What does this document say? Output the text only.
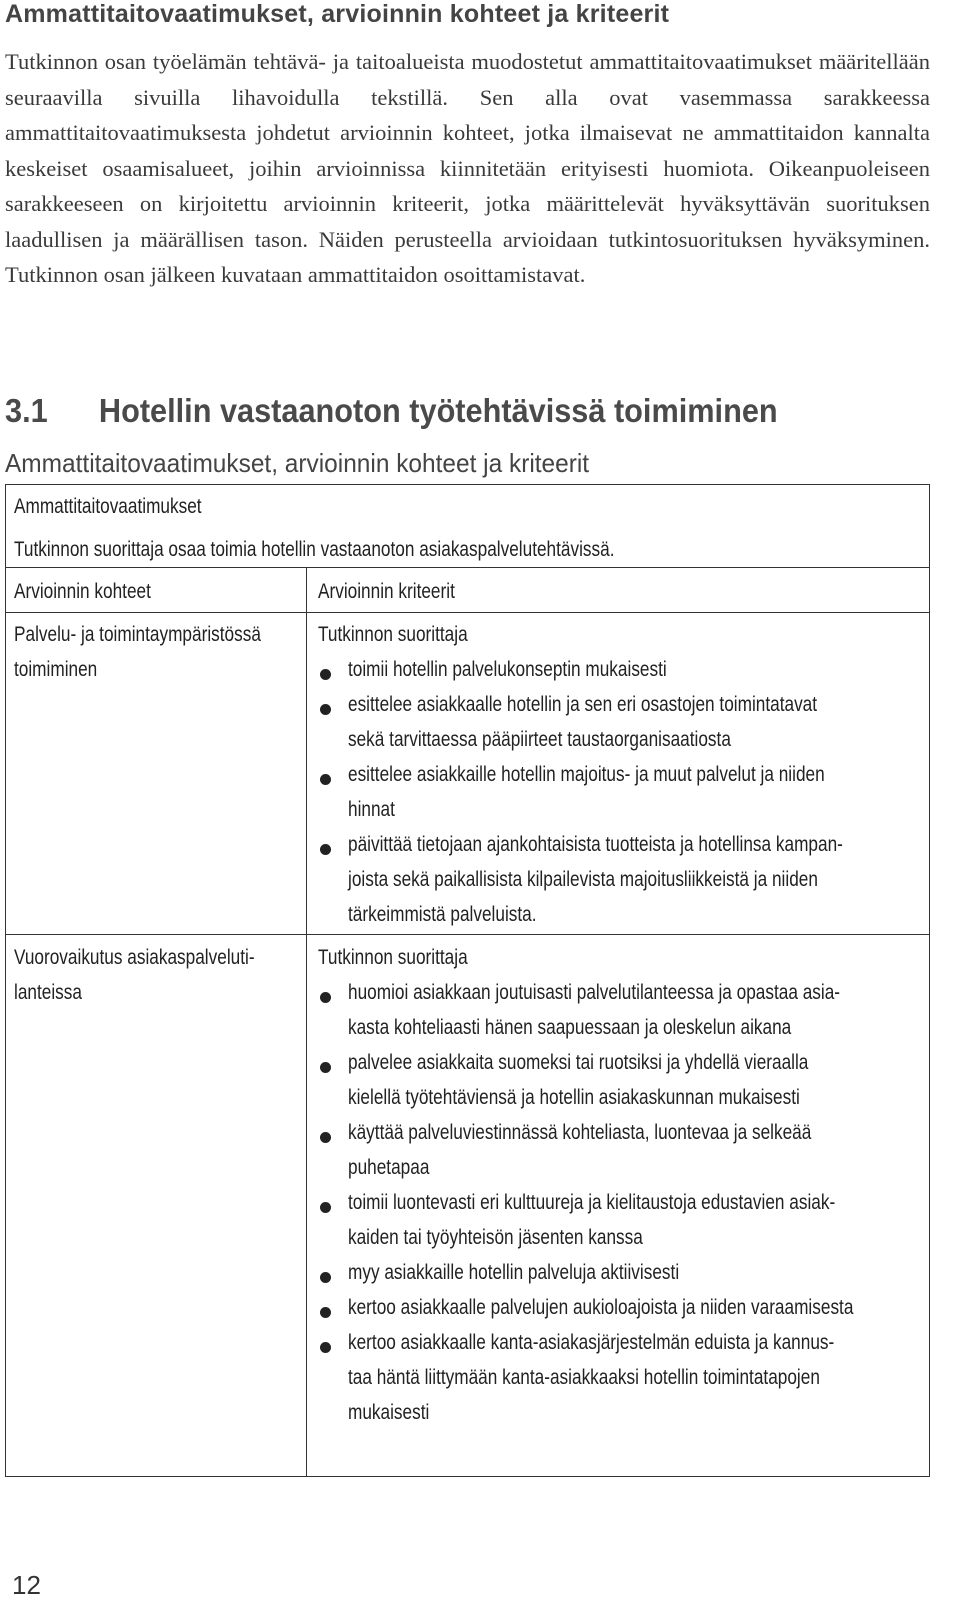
Ammattitaitovaatimukset, arvioinnin kohteet ja kriteerit

Tutkinnon osan työelämän tehtävä- ja taitoalueista muodostetut ammattitaitovaatimukset määritellään seuraavilla sivuilla lihavoidulla tekstillä. Sen alla ovat vasemmassa sarakkeessa ammattitaitovaatimuksesta johdetut arvioinnin kohteet, jotka ilmaisevat ne ammattitaidon kannalta keskeiset osaamisalueet, joihin arvioinnissa kiinnitetään erityisesti huomiota. Oikeanpuoleiseen sarakkeeseen on kirjoitettu arvioinnin kriteerit, jotka määrittelevät hyväksyttävän suorituksen laadullisen ja määrällisen tason. Näiden perusteella arvioidaan tutkintosuorituksen hyväksyminen. Tutkinnon osan jälkeen kuvataan ammattitaidon osoittamistavat.

3.1 Hotellin vastaanoton työtehtävissä toimiminen
Ammattitaitovaatimukset, arvioinnin kohteet ja kriteerit
Ammattitaitovaatimukset
Tutkinnon suorittaja osaa toimia hotellin vastaanoton asiakaspalvelutehtävissä.
Arvioinnin kohteet	Arvioinnin kriteerit
Palvelu- ja toimintaympäristössä
toimiminen
Tutkinnon suorittaja
toimii hotellin palvelukonseptin mukaisesti
esittelee asiakkaalle hotellin ja sen eri osastojen toimintatavat
sekä tarvittaessa pääpiirteet taustaorganisaatiosta
esittelee asiakkaille hotellin majoitus- ja muut palvelut ja niiden
hinnat
päivittää tietojaan ajankohtaisista tuotteista ja hotellinsa kampan-
joista sekä paikallisista kilpailevista majoitusliikkeistä ja niiden
tärkeimmistä palveluista.
Vuorovaikutus asiakaspalveluti-
lanteissa
Tutkinnon suorittaja
huomioi asiakkaan joutuisasti palvelutilanteessa ja opastaa asia-
kasta kohteliaasti hänen saapuessaan ja oleskelun aikana
palvelee asiakkaita suomeksi tai ruotsiksi ja yhdellä vieraalla
kielellä työtehtäviensä ja hotellin asiakaskunnan mukaisesti
käyttää palveluviestinnässä kohteliasta, luontevaa ja selkeää
puhetapaa
toimii luontevasti eri kulttuureja ja kielitaustoja edustavien asiak-
kaiden tai työyhteisön jäsenten kanssa
myy asiakkaille hotellin palveluja aktiivisesti
kertoo asiakkaalle palvelujen aukioloajoista ja niiden varaamisesta
kertoo asiakkaalle kanta-asiakasjärjestelmän eduista ja kannus-
taa häntä liittymään kanta-asiakkaaksi hotellin toimintatapojen
mukaisesti
12
